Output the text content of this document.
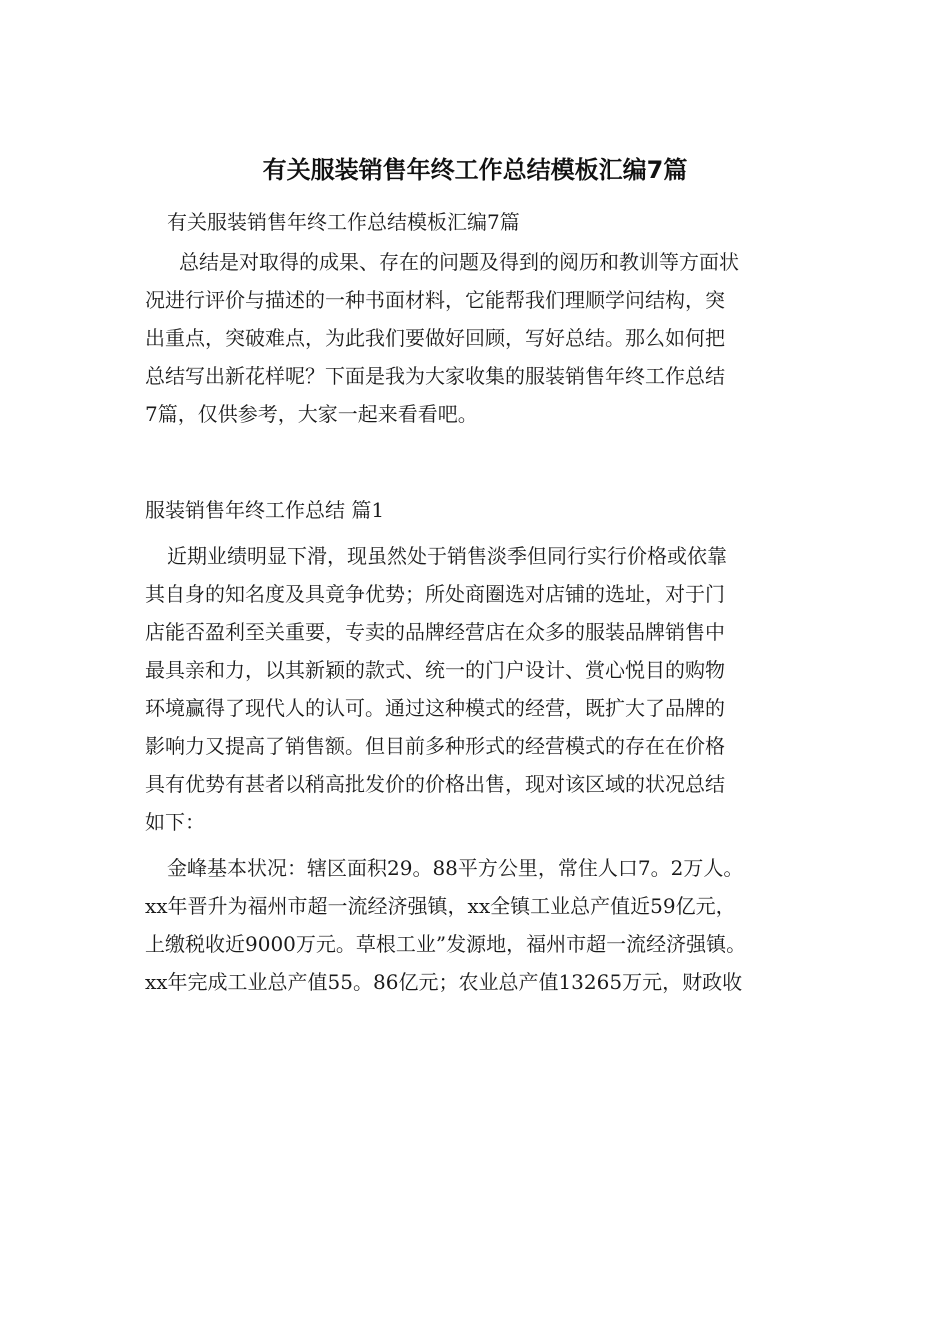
有关服装销售年终工作总结模板汇编7篇

有关服装销售年终工作总结模板汇编7篇

总结是对取得的成果、存在的问题及得到的阅历和教训等方面状

况进行评价与描述的一种书面材料，它能帮我们理顺学问结构，突

出重点，突破难点，为此我们要做好回顾，写好总结。那么如何把

总结写出新花样呢？下面是我为大家收集的服装销售年终工作总结

7篇，仅供参考，大家一起来看看吧。

服装销售年终工作总结 篇1

近期业绩明显下滑，现虽然处于销售淡季但同行实行价格或依靠

其自身的知名度及具竟争优势；所处商圈选对店铺的选址，对于门

店能否盈利至关重要，专卖的品牌经营店在众多的服装品牌销售中

最具亲和力，以其新颖的款式、统一的门户设计、赏心悦目的购物

环境赢得了现代人的认可。通过这种模式的经营，既扩大了品牌的

影响力又提高了销售额。但目前多种形式的经营模式的存在在价格

具有优势有甚者以稍高批发价的价格出售，现对该区域的状况总结

如下：

金峰基本状况：辖区面积29。88平方公里，常住人口7。2万人。

xx年晋升为福州市超一流经济强镇，xx全镇工业总产值近59亿元，

上缴税收近9000万元。草根工业”发源地，福州市超一流经济强镇。

xx年完成工业总产值55。86亿元；农业总产值13265万元，财政收
